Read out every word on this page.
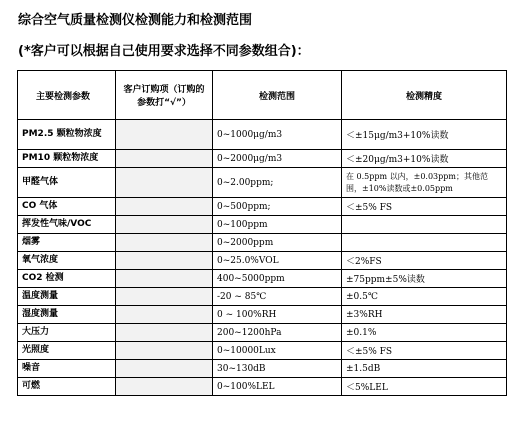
综合空气质量检测仪检测能力和检测范围
(*客户可以根据自己使用要求选择不同参数组合)：
主要检测参数	客户订购项（订购的参数打“√”）	检测范围	检测精度
PM2.5 颗粒物浓度		0~1000μg/m3	＜±15μg/m3+10%读数
PM10 颗粒物浓度		0~2000μg/m3	＜±20μg/m3+10%读数
甲醛气体		0~2.00ppm;	在 0.5ppm 以内，±0.03ppm；其他范围，±10%读数或±0.05ppm
CO 气体		0~500ppm;	＜±5% FS
挥发性气味/VOC		0~100ppm	
烟雾		0~2000ppm	
氧气浓度		0~25.0%VOL	＜2%FS
CO2 检测		400~5000ppm	±75ppm±5%读数
温度测量		-20 ~ 85℃	±0.5℃
湿度测量		0 ~ 100%RH	±3%RH
大压力		200~1200hPa	±0.1%
光照度		0~10000Lux	＜±5% FS
噪音		30~130dB	±1.5dB
可燃		0~100%LEL	＜5%LEL
